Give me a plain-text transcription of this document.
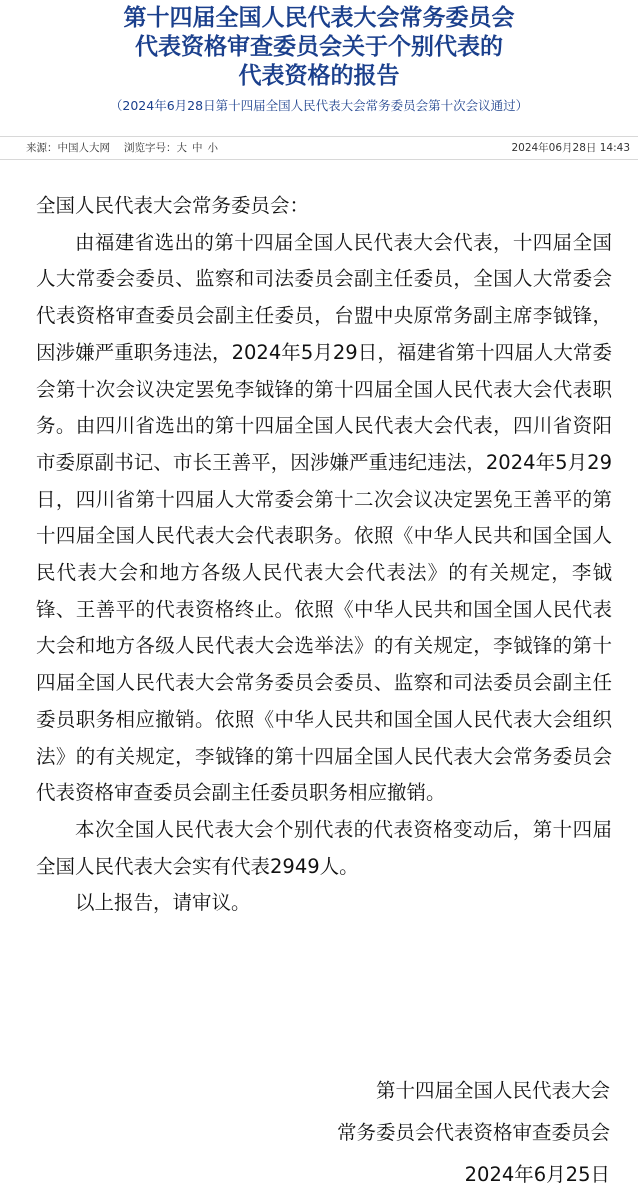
第十四届全国人民代表大会常务委员会
代表资格审查委员会关于个别代表的
代表资格的报告
（2024年6月28日第十四届全国人民代表大会常务委员会第十次会议通过）
来源：中国人大网 浏览字号：大 中 小	2024年06月28日 14:43

全国人民代表大会常务委员会：

由福建省选出的第十四届全国人民代表大会代表，十四届全国人大常委会委员、监察和司法委员会副主任委员，全国人大常委会代表资格审查委员会副主任委员，台盟中央原常务副主席李钺锋，因涉嫌严重职务违法，2024年5月29日，福建省第十四届人大常委会第十次会议决定罢免李钺锋的第十四届全国人民代表大会代表职务。由四川省选出的第十四届全国人民代表大会代表，四川省资阳市委原副书记、市长王善平，因涉嫌严重违纪违法，2024年5月29日，四川省第十四届人大常委会第十二次会议决定罢免王善平的第十四届全国人民代表大会代表职务。依照《中华人民共和国全国人民代表大会和地方各级人民代表大会代表法》的有关规定，李钺锋、王善平的代表资格终止。依照《中华人民共和国全国人民代表大会和地方各级人民代表大会选举法》的有关规定，李钺锋的第十四届全国人民代表大会常务委员会委员、监察和司法委员会副主任委员职务相应撤销。依照《中华人民共和国全国人民代表大会组织法》的有关规定，李钺锋的第十四届全国人民代表大会常务委员会代表资格审查委员会副主任委员职务相应撤销。

本次全国人民代表大会个别代表的代表资格变动后，第十四届全国人民代表大会实有代表2949人。

以上报告，请审议。

第十四届全国人民代表大会
常务委员会代表资格审查委员会
2024年6月25日
